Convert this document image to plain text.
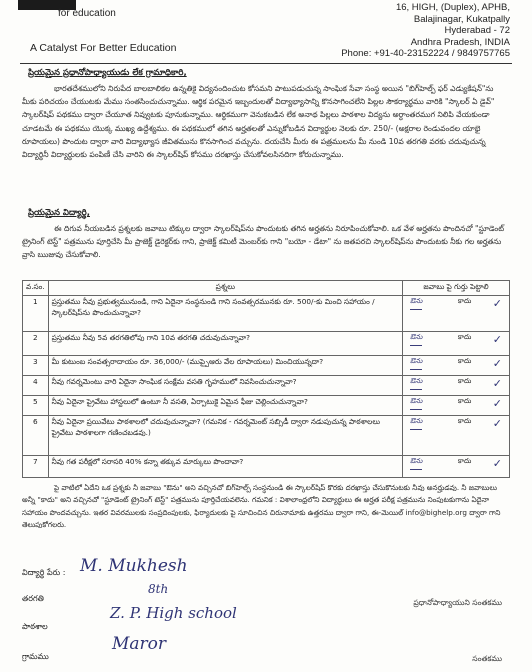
for education
A Catalyst For Better Education
16, HIGH, (Duplex), APHB,
Balajinagar, Kukatpally
Hyderabad - 72
Andhra Pradesh, INDIA
Phone: +91-40-23152224 / 9849757765
ప్రియమైన ప్రధానోపాధ్యాయుడు లేక గ్రామాధికారి,
భారతదేశములోని నిరుపేద బాలబాలికల ఉన్నతికై విద్యనందించుట కోసమని పాటుపడుచున్న సాంఘిక సేవా సంస్థ అయిన "బిగ్‌హెల్ప్ ఫర్ ఎడ్యుకేషన్"ను మీకు పరిచయం చేయుటకు మేము సంతసించుచున్నాము. ఆర్థిక పరమైన ఇబ్బందులతో విద్యాభ్యాసాన్ని కొనసాగించలేని పిల్లల సౌకర్యార్థము వారికి "స్కాలర్ ఏ డైవ్" స్కాలర్‌షిప్ పథకము ద్వారా చేయూత నివ్వుటకు పూనుకున్నాము. ఆర్థికముగా వెనుకబడిన లేక అనాథ పిల్లలు పాఠశాల విద్యను అర్ధాంతరముగ నిలిపి వేయకుండా చూడటమే ఈ పథకము యొక్క ముఖ్య ఉద్దేశ్యము. ఈ పథకములో తగిన అర్హతలతో ఎన్నుకోబడిన విద్యార్థుల నెలకు రూ. 250/- (అక్షరాల రెండువందల యాభై రూపాయలు) పొందుట ద్వారా వారి విద్యాభ్యాస జీవితమును కొనసాగించ వచ్చును. దయచేసి మీరు ఈ పత్రములను మీ నుండి 10వ తరగతి వరకు చదువుచున్న విద్యార్థినీ విద్యార్థులకు పంపిణీ చేసి వారిని ఈ స్కాలర్‌షిప్ కోసము దరఖాస్తు చేసుకోవలసినదిగా కోరుచున్నాము.
ప్రియమైన విద్యార్థి,
ఈ దిగువ నీయబడిన ప్రశ్నలకు జవాబు టిక్కుల ద్వారా స్కాలర్‌షిప్‌ను పొందుటకు తగిన అర్హతను నిరూపించుకోవాలి. ఒక వేళ అర్హతను పొందినచో "స్టూడెంట్ ట్రైనింగ్ టెస్ట్" పత్రమును పూర్తిచేసి మీ ప్రాజెక్ట్ డైరెక్టర్‌కు గాని, ప్రాజెక్ట్ కమిటీ మెంబర్‌కు గాని "బయో - డేటా" ను జతపరచి స్కాలర్‌షిప్‌ను పొందుటకు నీకు గల అర్హతను వ్రాసి ఋజువు చేసుకోవాలి.
వ.సం.	ప్రశ్నలు	జవాబు పై గుర్తు పెట్టాలి
1	ప్రస్తుతము నీవు ప్రభుత్వమునుండి, గాని ఏదైనా సంస్థనుండి గాని సంవత్సరమునకు రూ. 500/-కు మించి సహాయం / స్కాలర్‌షిప్‌ను పొందుచున్నావా?	ఔను కాదు ✓

2	ప్రస్తుతము నీవు 5వ తరగతిలోపు గాని 10వ తరగతి చదువుచున్నావా?	ఔను కాదు ✓

3	మీ కుటుంబ సంవత్సరాదాయం రూ. 36,000/- (ముప్పైఆరు వేల రూపాయలు) మించియున్నదా?	ఔను కాదు ✓

4	నీవు గవర్నమెంటు వారి ఏదైనా సాంఘిక సంక్షేమ వసతి గృహములో నివసించుచున్నావా?	ఔను కాదు ✓

5	నీవు ఏదైనా ప్రైవేటు హాస్టలులో ఉంటూ నీ వసతి, ఏర్పాటుకై ఏమైన ఫీజు చెల్లించుచున్నావా?	ఔను కాదు ✓

6	నీవు ఏదైనా ప్రయివేటు పాఠశాలలో చదువుచున్నావా? (గమనిక - గవర్నమెంట్ సబ్సిడీ ద్వారా నడుపుచున్న పాఠశాలలు ప్రైవేటు పాఠశాలగా గణించబడవు.)	ఔను కాదు ✓

7	నీవు గత పరీక్షలో సరాసరి 40% కన్నా తక్కువ మార్కులు పొందావా?	ఔను కాదు ✓
పై వాటిలో ఏదేని ఒక ప్రశ్నకు నీ జవాబు "ఔను" అని వచ్చినచో బిగ్‌హెల్ప్ సంస్థనుండి ఈ స్కాలర్‌షిప్ కొరకు దరఖాస్తు చేసుకొనుటకు నీవు అనర్హుడవు. నీ జవాబులు అన్నీ "కాదు" అని వచ్చినచో "స్టూడెంట్ ట్రైనింగ్ టెస్ట్" పత్రమును పూర్తిచేయవలెను. గమనిక : విశాలాంధ్రలోని విద్యార్థులు ఈ అర్హత పరీక్ష పత్రమును నింపుటకుగాను ఏదైనా సహాయం పొందవచ్చును. ఇతర వివరములకు సంప్రదింపులకు, ఫిర్యాదులకు పై సూచించిన చిరునామాకు ఉత్తరము ద్వారా గాని, ఈ-మెయిల్ info@bighelp.org ద్వారా గాని తెలుపుకోగలరు.
విద్యార్థి పేరు : M. Mukhesh
తరగతి
8th
పాఠశాల
Z. P. High school
గ్రామము
Maror
ప్రధానోపాధ్యాయుని సంతకము
సంతకము
